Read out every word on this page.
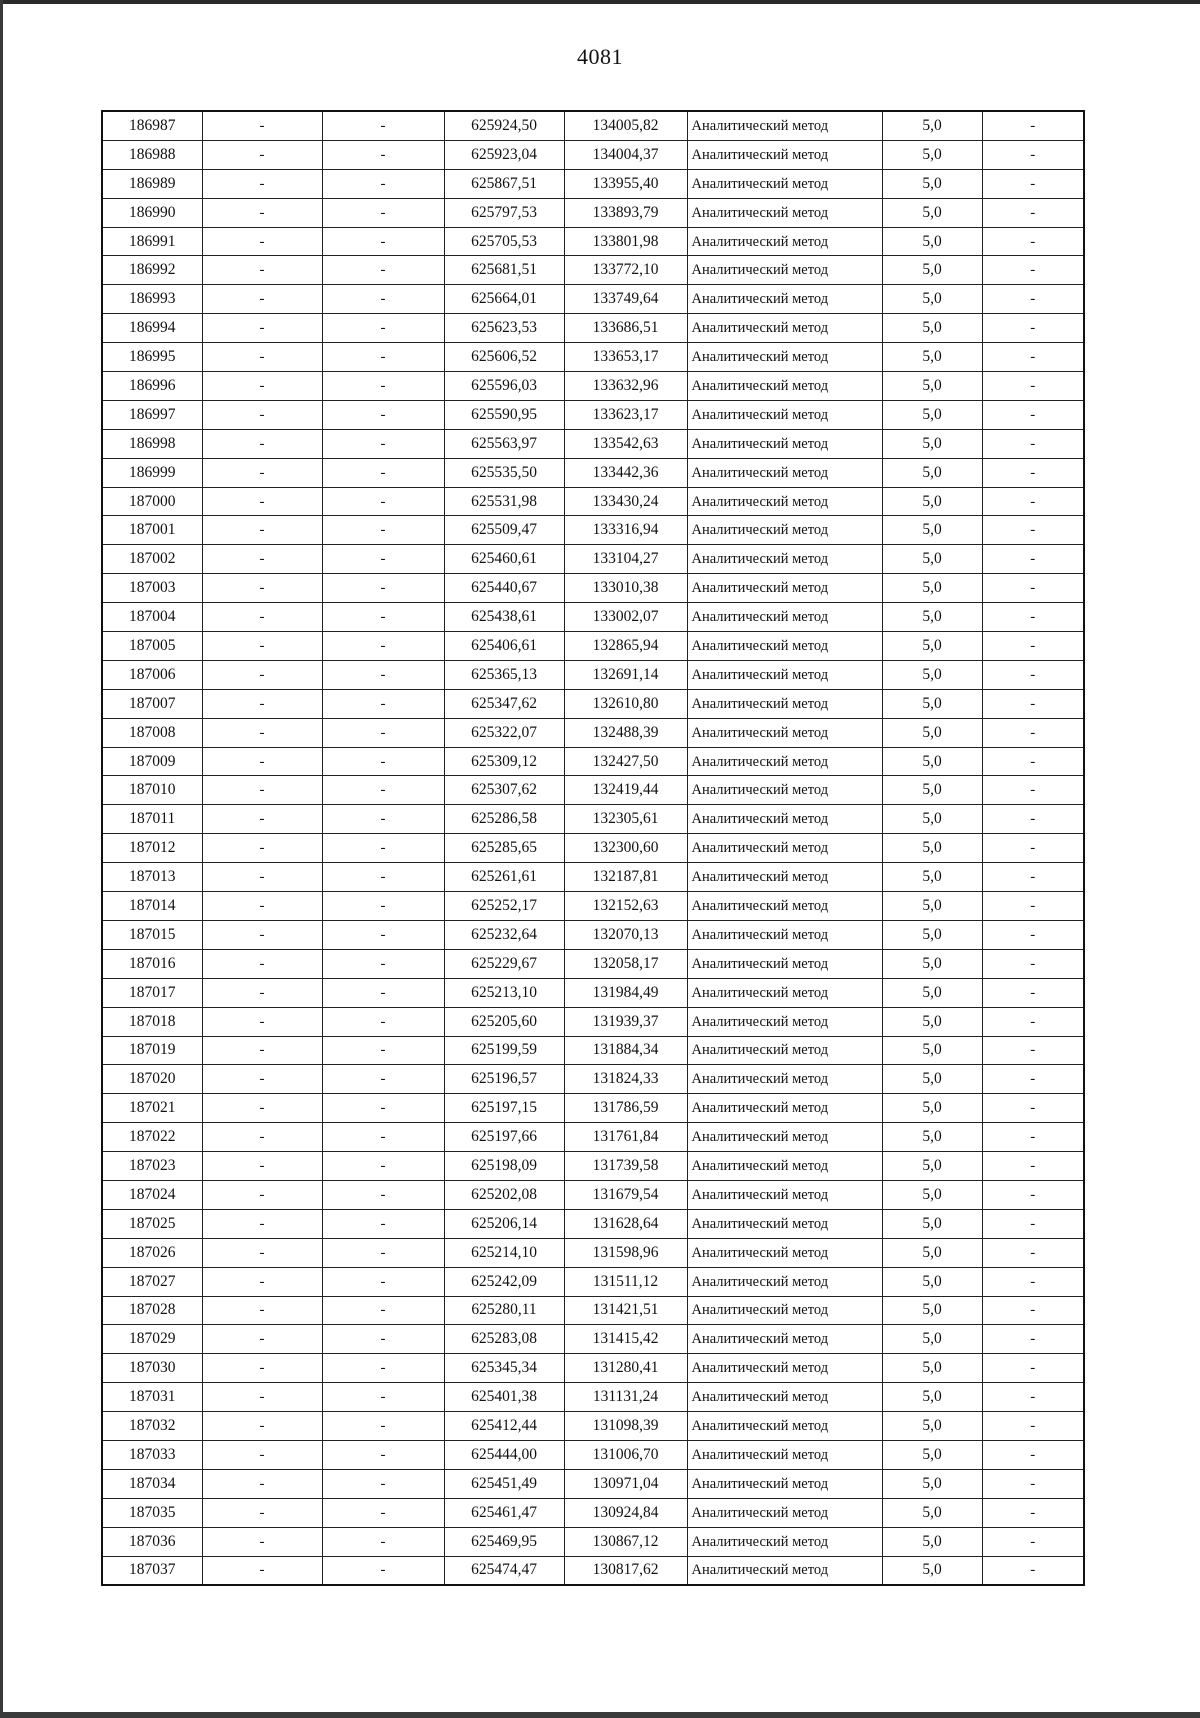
4081
186987	-	-	625924,50	134005,82	Аналитический метод	5,0	-
186988	-	-	625923,04	134004,37	Аналитический метод	5,0	-
186989	-	-	625867,51	133955,40	Аналитический метод	5,0	-
186990	-	-	625797,53	133893,79	Аналитический метод	5,0	-
186991	-	-	625705,53	133801,98	Аналитический метод	5,0	-
186992	-	-	625681,51	133772,10	Аналитический метод	5,0	-
186993	-	-	625664,01	133749,64	Аналитический метод	5,0	-
186994	-	-	625623,53	133686,51	Аналитический метод	5,0	-
186995	-	-	625606,52	133653,17	Аналитический метод	5,0	-
186996	-	-	625596,03	133632,96	Аналитический метод	5,0	-
186997	-	-	625590,95	133623,17	Аналитический метод	5,0	-
186998	-	-	625563,97	133542,63	Аналитический метод	5,0	-
186999	-	-	625535,50	133442,36	Аналитический метод	5,0	-
187000	-	-	625531,98	133430,24	Аналитический метод	5,0	-
187001	-	-	625509,47	133316,94	Аналитический метод	5,0	-
187002	-	-	625460,61	133104,27	Аналитический метод	5,0	-
187003	-	-	625440,67	133010,38	Аналитический метод	5,0	-
187004	-	-	625438,61	133002,07	Аналитический метод	5,0	-
187005	-	-	625406,61	132865,94	Аналитический метод	5,0	-
187006	-	-	625365,13	132691,14	Аналитический метод	5,0	-
187007	-	-	625347,62	132610,80	Аналитический метод	5,0	-
187008	-	-	625322,07	132488,39	Аналитический метод	5,0	-
187009	-	-	625309,12	132427,50	Аналитический метод	5,0	-
187010	-	-	625307,62	132419,44	Аналитический метод	5,0	-
187011	-	-	625286,58	132305,61	Аналитический метод	5,0	-
187012	-	-	625285,65	132300,60	Аналитический метод	5,0	-
187013	-	-	625261,61	132187,81	Аналитический метод	5,0	-
187014	-	-	625252,17	132152,63	Аналитический метод	5,0	-
187015	-	-	625232,64	132070,13	Аналитический метод	5,0	-
187016	-	-	625229,67	132058,17	Аналитический метод	5,0	-
187017	-	-	625213,10	131984,49	Аналитический метод	5,0	-
187018	-	-	625205,60	131939,37	Аналитический метод	5,0	-
187019	-	-	625199,59	131884,34	Аналитический метод	5,0	-
187020	-	-	625196,57	131824,33	Аналитический метод	5,0	-
187021	-	-	625197,15	131786,59	Аналитический метод	5,0	-
187022	-	-	625197,66	131761,84	Аналитический метод	5,0	-
187023	-	-	625198,09	131739,58	Аналитический метод	5,0	-
187024	-	-	625202,08	131679,54	Аналитический метод	5,0	-
187025	-	-	625206,14	131628,64	Аналитический метод	5,0	-
187026	-	-	625214,10	131598,96	Аналитический метод	5,0	-
187027	-	-	625242,09	131511,12	Аналитический метод	5,0	-
187028	-	-	625280,11	131421,51	Аналитический метод	5,0	-
187029	-	-	625283,08	131415,42	Аналитический метод	5,0	-
187030	-	-	625345,34	131280,41	Аналитический метод	5,0	-
187031	-	-	625401,38	131131,24	Аналитический метод	5,0	-
187032	-	-	625412,44	131098,39	Аналитический метод	5,0	-
187033	-	-	625444,00	131006,70	Аналитический метод	5,0	-
187034	-	-	625451,49	130971,04	Аналитический метод	5,0	-
187035	-	-	625461,47	130924,84	Аналитический метод	5,0	-
187036	-	-	625469,95	130867,12	Аналитический метод	5,0	-
187037	-	-	625474,47	130817,62	Аналитический метод	5,0	-
